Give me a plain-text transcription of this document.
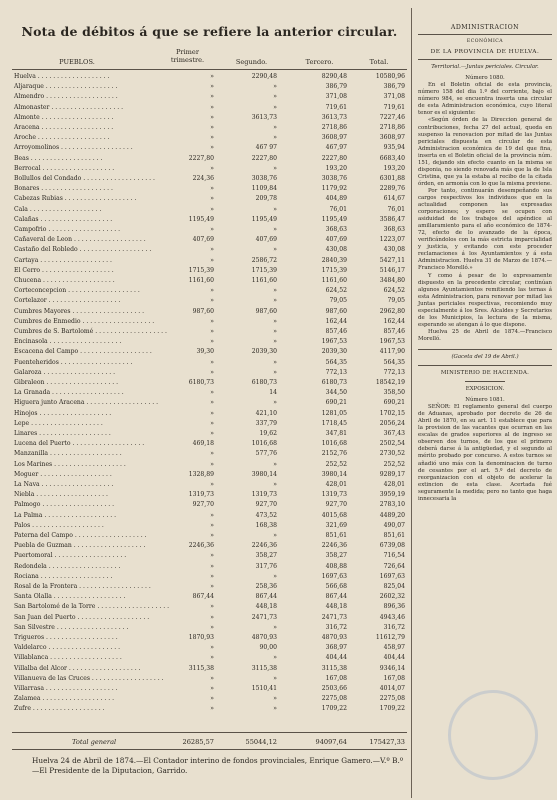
Nota de débitos á que se refiere la anterior circular.
PUEBLOS.
Primer trimestre.	Segundo.	Tercero.	Total.
Huelva . . . . . . . . . . . . . . . . . . .	»	2290,48	8290,48	10580,96
Aljaraque . . . . . . . . . . . . . . . . . . .	»	»	386,79	386,79
Almendro . . . . . . . . . . . . . . . . . . .	»	»	371,08	371,08
Almonaster . . . . . . . . . . . . . . . . . . .	»	»	719,61	719,61
Almonte . . . . . . . . . . . . . . . . . . .	»	3613,73	3613,73	7227,46
Aracena . . . . . . . . . . . . . . . . . . .	»	»	2718,86	2718,86
Aroche . . . . . . . . . . . . . . . . . . .	»	»	3608,97	3608,97
Arroyomolinos . . . . . . . . . . . . . . . . . . .	»	467 97	467,97	935,94
Beas . . . . . . . . . . . . . . . . . . .	2227,80	2227,80	2227,80	6683,40
Berrocal . . . . . . . . . . . . . . . . . . .	»	»	193,20	193,20
Bollullos del Condado . . . . . . . . . . . . . . . . . . .	224,36	3038,76	3038,76	6301,88
Bonares . . . . . . . . . . . . . . . . . . .	»	1109,84	1179,92	2289,76
Cabezas Rubias . . . . . . . . . . . . . . . . . . .	»	209,78	404,89	614,67
Cala . . . . . . . . . . . . . . . . . . .	»	»	76,01	76,01
Calañas . . . . . . . . . . . . . . . . . . .	1195,49	1195,49	1195,49	3586,47
Campofrio . . . . . . . . . . . . . . . . . . .	»	»	368,63	368,63
Cañaveral de Leon . . . . . . . . . . . . . . . . . . .	407,69	407,69	407,69	1223,07
Castaño del Robledo . . . . . . . . . . . . . . . . . . .	»	»	430,08	430,08
Cartaya . . . . . . . . . . . . . . . . . . .	»	2586,72	2840,39	5427,11
El Cerro . . . . . . . . . . . . . . . . . . .	1715,39	1715,39	1715,39	5146,17
Chucena . . . . . . . . . . . . . . . . . . .	1161,60	1161,60	1161,60	3484,80
Corteconcepcion . . . . . . . . . . . . . . . . . . .	»	»	624,52	624,52
Cortelazor . . . . . . . . . . . . . . . . . . .	»	»	79,05	79,05
Cumbres Mayores . . . . . . . . . . . . . . . . . . .	987,60	987,60	987,60	2962,80
Cumbres de Enmedio . . . . . . . . . . . . . . . . . . .	»	»	162,44	162,44
Cumbres de S. Bartolomé . . . . . . . . . . . . . . . . . . .	»	»	857,46	857,46
Encinasola . . . . . . . . . . . . . . . . . . .	»	»	1967,53	1967,53
Escacena del Campo . . . . . . . . . . . . . . . . . . .	39,30	2039,30	2039,30	4117,90
Fuenteheridos . . . . . . . . . . . . . . . . . . .	»	»	564,35	564,35
Galaroza . . . . . . . . . . . . . . . . . . .	»	»	772,13	772,13
Gibraleon . . . . . . . . . . . . . . . . . . .	6180,73	6180,73	6180,73	18542,19
La Granada . . . . . . . . . . . . . . . . . . .	»	14	344,50	358,50
Higuera junto Aracena . . . . . . . . . . . . . . . . . . .	»	»	690,21	690,21
Hinojos . . . . . . . . . . . . . . . . . . .	»	421,10	1281,05	1702,15
Lepe . . . . . . . . . . . . . . . . . . .	»	337,79	1718,45	2056,24
Linares . . . . . . . . . . . . . . . . . . .	»	19,62	347,81	367,43
Lucena del Puerto . . . . . . . . . . . . . . . . . . .	469,18	1016,68	1016,68	2502,54
Manzanilla . . . . . . . . . . . . . . . . . . .	»	577,76	2152,76	2730,52
Los Marines . . . . . . . . . . . . . . . . . . .	»	»	252,52	252,52
Moguer . . . . . . . . . . . . . . . . . . .	1328,89	3980,14	3980,14	9289,17
La Nava . . . . . . . . . . . . . . . . . . .	»	»	428,01	428,01
Niebla . . . . . . . . . . . . . . . . . . .	1319,73	1319,73	1319,73	3959,19
Palmogo . . . . . . . . . . . . . . . . . . .	927,70	927,70	927,70	2783,10
La Palma . . . . . . . . . . . . . . . . . . .	»	473,52	4015,68	4489,20
Palos . . . . . . . . . . . . . . . . . . .	»	168,38	321,69	490,07
Paterna del Campo . . . . . . . . . . . . . . . . . . .	»	»	851,61	851,61
Puebla de Guzman . . . . . . . . . . . . . . . . . . .	2246,36	2246,36	2246,36	6739,08
Puertomoral . . . . . . . . . . . . . . . . . . .	»	358,27	358,27	716,54
Redondela . . . . . . . . . . . . . . . . . . .	»	317,76	408,88	726,64
Rociana . . . . . . . . . . . . . . . . . . .	»	»	1697,63	1697,63
Rosal de la Frontera . . . . . . . . . . . . . . . . . . .	»	258,36	566,68	825,04
Santa Olalla . . . . . . . . . . . . . . . . . . .	867,44	867,44	867,44	2602,32
San Bartolomé de la Torre . . . . . . . . . . . . . . . . . . .	»	448,18	448,18	896,36
San Juan del Puerto . . . . . . . . . . . . . . . . . . .	»	2471,73	2471,73	4943,46
San Silvestre . . . . . . . . . . . . . . . . . . .	»	»	316,72	316,72
Trigueros . . . . . . . . . . . . . . . . . . .	1870,93	4870,93	4870,93	11612,79
Valdelarco . . . . . . . . . . . . . . . . . . .	»	90,00	368,97	458,97
Villablanca . . . . . . . . . . . . . . . . . . .	»	»	404,44	404,44
Villalba del Alcor . . . . . . . . . . . . . . . . . . .	3115,38	3115,38	3115,38	9346,14
Villanueva de las Cruces . . . . . . . . . . . . . . . . . . .	»	»	167,08	167,08
Villarrasa . . . . . . . . . . . . . . . . . . .	»	1510,41	2503,66	4014,07
Zalamea . . . . . . . . . . . . . . . . . . .	»	»	2275,08	2275,08
Zufre . . . . . . . . . . . . . . . . . . .	»	»	1709,22	1709,22
Total general	26285,57	55044,12	94097,64	175427,33
Huelva 24 de Abril de 1874.—El Contador interino de fondos provinciales, Enrique Gamero.—V.º B.º—El Presidente de la Diputacion, Garrido.
ADMINISTRACION
ECONÓMICA
DE LA PROVINCIA DE HUELVA.
Territorial.—Juntas periciales. Circular.
Número 1080.

En el Boletin oficial de esta provincia, número 158 del dia 1.º del corriente, bajo el número 984, se encuentra inserta una circular de esta Administracion económica, cuyo literal tenor es el siguiente:

«Según órden de la Direccion general de contribuciones, fecha 27 del actual, queda en suspenso la renovacion por mitad de las Juntas periciales dispuesta en circular de esta Administracion económica de 19 del que fina, inserta en el Boletin oficial de la provincia núm. 151, dejando sin efecto cuanto en la misma se disponia, no siendo renovada más que la de Isla Cristina, que ya la estaba al recibo de la citada órden, en armonía con lo que la misma previene.

Por tanto, continuarán desempeñando sus cargos respectivos los individuos que en la actualidad componen las expresadas corporaciones; y espero se ocupen con asiduidad de los trabajos del apéndice al amillaramiento para el año económico de 1874-72, efecto de lo avanzado de la época, verificándolos con la más estricta imparcialidad y justicia, y evitando con este proceder reclamaciones á los Ayuntamientos y á esta Administracion. Huelva 31 de Marzo de 1874.—Francisco Morelló.»

Y como á pesar de lo expresamente dispuesto en la precedente circular, continúan algunos Ayuntamientos remitiendo las ternas á esta Administracion, para renovar por mitad las Juntas periciales respectivas, recomiendo muy especialmente á los Sres. Alcaldes y Secretarios de los Municipios, la lectura de la misma, esperando se atengan á lo que dispone.

Huelva 25 de Abril de 1874.—Francisco Morelló.

(Gaceta del 19 de Abril.)
MINISTERIO DE HACIENDA.
EXPOSICION.
Número 1081.

SEÑOR: El reglamento general del cuerpo de Aduanas, aprobado por decreto de 26 de Abril de 1870, en su art. 11 establece que para la provision de las vacantes que ocurran en las escalas de grados superiores al de ingreso se observen dos turnos, de los que el primero deberá darse á la antigüedad, y el segundo al mérito probado por concurso. A estos turnos se añadió uno más con la denominacion de turno de cesantes por el art. 5.º del decreto de reorganizacion con el objeto de acelerar la extincion de esta clase. Acertada fué seguramente la medida; pero no tanto que haga innecesaria la
